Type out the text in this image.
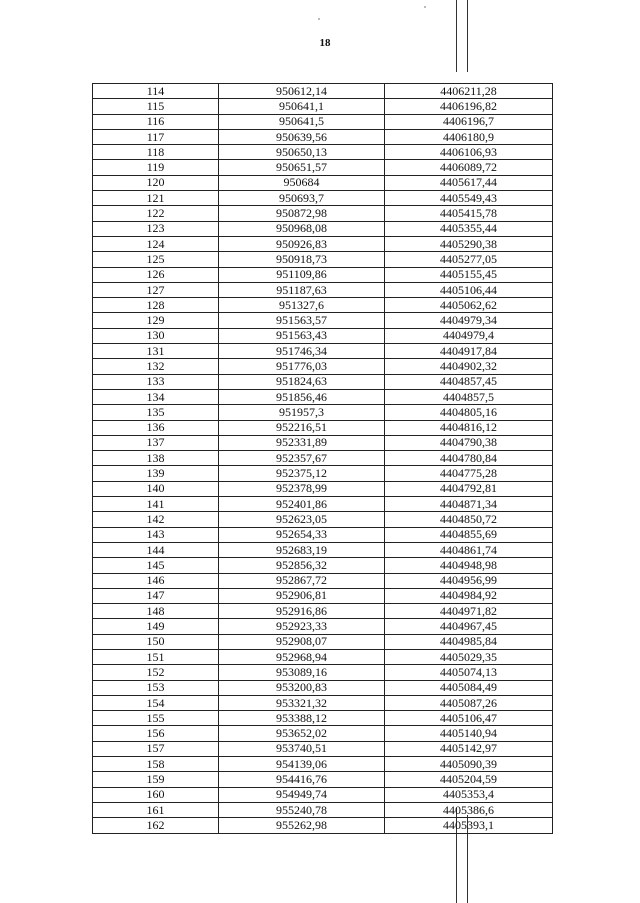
18
114	950612,14	4406211,28
115	950641,1	4406196,82
116	950641,5	4406196,7
117	950639,56	4406180,9
118	950650,13	4406106,93
119	950651,57	4406089,72
120	950684	4405617,44
121	950693,7	4405549,43
122	950872,98	4405415,78
123	950968,08	4405355,44
124	950926,83	4405290,38
125	950918,73	4405277,05
126	951109,86	4405155,45
127	951187,63	4405106,44
128	951327,6	4405062,62
129	951563,57	4404979,34
130	951563,43	4404979,4
131	951746,34	4404917,84
132	951776,03	4404902,32
133	951824,63	4404857,45
134	951856,46	4404857,5
135	951957,3	4404805,16
136	952216,51	4404816,12
137	952331,89	4404790,38
138	952357,67	4404780,84
139	952375,12	4404775,28
140	952378,99	4404792,81
141	952401,86	4404871,34
142	952623,05	4404850,72
143	952654,33	4404855,69
144	952683,19	4404861,74
145	952856,32	4404948,98
146	952867,72	4404956,99
147	952906,81	4404984,92
148	952916,86	4404971,82
149	952923,33	4404967,45
150	952908,07	4404985,84
151	952968,94	4405029,35
152	953089,16	4405074,13
153	953200,83	4405084,49
154	953321,32	4405087,26
155	953388,12	4405106,47
156	953652,02	4405140,94
157	953740,51	4405142,97
158	954139,06	4405090,39
159	954416,76	4405204,59
160	954949,74	4405353,4
161	955240,78	4405386,6
162	955262,98	4405393,1
